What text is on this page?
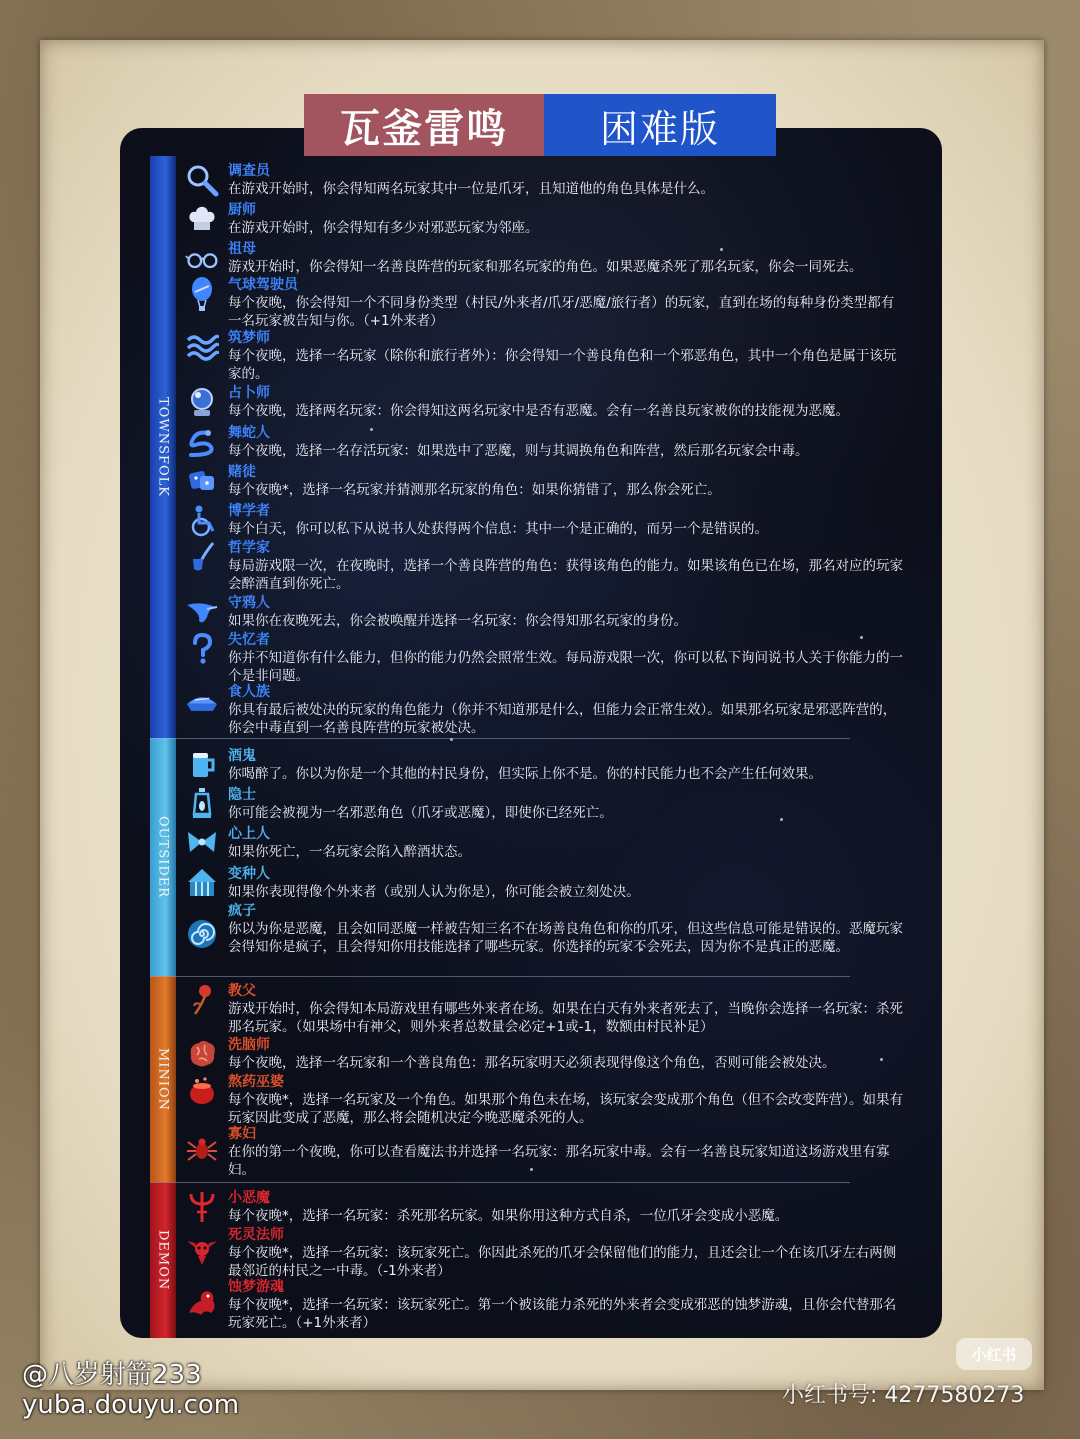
瓦釜雷鸣	困难版
TOWNSFOLK
OUTSIDER
MINION
DEMON
调查员
在游戏开始时，你会得知两名玩家其中一位是爪牙，且知道他的角色具体是什么。
厨师
在游戏开始时，你会得知有多少对邪恶玩家为邻座。
祖母
游戏开始时，你会得知一名善良阵营的玩家和那名玩家的角色。如果恶魔杀死了那名玩家，你会一同死去。
气球驾驶员
每个夜晚，你会得知一个不同身份类型（村民/外来者/爪牙/恶魔/旅行者）的玩家，直到在场的每种身份类型都有一名玩家被告知与你。（+1外来者）
筑梦师
每个夜晚，选择一名玩家（除你和旅行者外）：你会得知一个善良角色和一个邪恶角色，其中一个角色是属于该玩家的。
占卜师
每个夜晚，选择两名玩家：你会得知这两名玩家中是否有恶魔。会有一名善良玩家被你的技能视为恶魔。
舞蛇人
每个夜晚，选择一名存活玩家：如果选中了恶魔，则与其调换角色和阵营，然后那名玩家会中毒。
赌徒
每个夜晚*，选择一名玩家并猜测那名玩家的角色：如果你猜错了，那么你会死亡。
博学者
每个白天，你可以私下从说书人处获得两个信息：其中一个是正确的，而另一个是错误的。
哲学家
每局游戏限一次，在夜晚时，选择一个善良阵营的角色：获得该角色的能力。如果该角色已在场，那名对应的玩家会醉酒直到你死亡。
守鸦人
如果你在夜晚死去，你会被唤醒并选择一名玩家：你会得知那名玩家的身份。
失忆者
你并不知道你有什么能力，但你的能力仍然会照常生效。每局游戏限一次，你可以私下询问说书人关于你能力的一个是非问题。
食人族
你具有最后被处决的玩家的角色能力（你并不知道那是什么，但能力会正常生效）。如果那名玩家是邪恶阵营的，你会中毒直到一名善良阵营的玩家被处决。
酒鬼
你喝醉了。你以为你是一个其他的村民身份，但实际上你不是。你的村民能力也不会产生任何效果。
隐士
你可能会被视为一名邪恶角色（爪牙或恶魔），即使你已经死亡。
心上人
如果你死亡，一名玩家会陷入醉酒状态。
变种人
如果你表现得像个外来者（或别人认为你是），你可能会被立刻处决。
疯子
你以为你是恶魔，且会如同恶魔一样被告知三名不在场善良角色和你的爪牙，但这些信息可能是错误的。恶魔玩家会得知你是疯子，且会得知你用技能选择了哪些玩家。你选择的玩家不会死去，因为你不是真正的恶魔。
教父
游戏开始时，你会得知本局游戏里有哪些外来者在场。如果在白天有外来者死去了，当晚你会选择一名玩家：杀死那名玩家。（如果场中有神父，则外来者总数量会必定+1或-1，数额由村民补足）
洗脑师
每个夜晚，选择一名玩家和一个善良角色：那名玩家明天必须表现得像这个角色，否则可能会被处决。
熬药巫婆
每个夜晚*，选择一名玩家及一个角色。如果那个角色未在场，该玩家会变成那个角色（但不会改变阵营）。如果有玩家因此变成了恶魔，那么将会随机决定今晚恶魔杀死的人。
寡妇
在你的第一个夜晚，你可以查看魔法书并选择一名玩家：那名玩家中毒。会有一名善良玩家知道这场游戏里有寡妇。
小恶魔
每个夜晚*，选择一名玩家：杀死那名玩家。如果你用这种方式自杀，一位爪牙会变成小恶魔。
死灵法师
每个夜晚*，选择一名玩家：该玩家死亡。你因此杀死的爪牙会保留他们的能力，且还会让一个在该爪牙左右两侧最邻近的村民之一中毒。（-1外来者）
蚀梦游魂
每个夜晚*，选择一名玩家：该玩家死亡。第一个被该能力杀死的外来者会变成邪恶的蚀梦游魂，且你会代替那名玩家死亡。（+1外来者）
@八岁射箭233
yuba.douyu.com
小红书
小红书号: 4277580273
